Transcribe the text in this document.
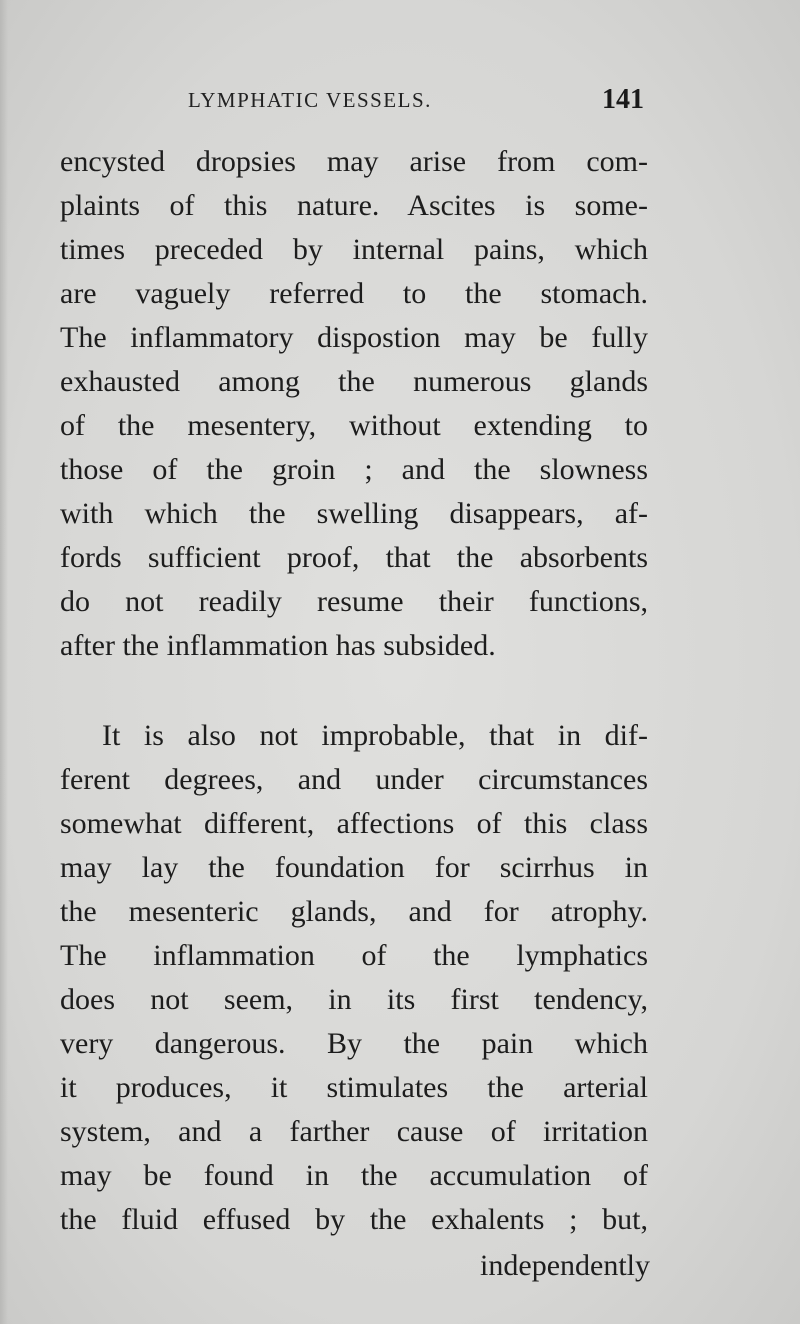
LYMPHATIC VESSELS.	141
encysted dropsies may arise from com-
plaints of this nature. Ascites is some-
times preceded by internal pains, which
are vaguely referred to the stomach.
The inflammatory dispostion may be fully
exhausted among the numerous glands
of the mesentery, without extending to
those of the groin ; and the slowness
with which the swelling disappears, af-
fords sufficient proof, that the absorbents
do not readily resume their functions,
after the inflammation has subsided.
It is also not improbable, that in dif-
ferent degrees, and under circumstances
somewhat different, affections of this class
may lay the foundation for scirrhus in
the mesenteric glands, and for atrophy.
The inflammation of the lymphatics
does not seem, in its first tendency,
very dangerous. By the pain which
it produces, it stimulates the arterial
system, and a farther cause of irritation
may be found in the accumulation of
the fluid effused by the exhalents ; but,
independently
